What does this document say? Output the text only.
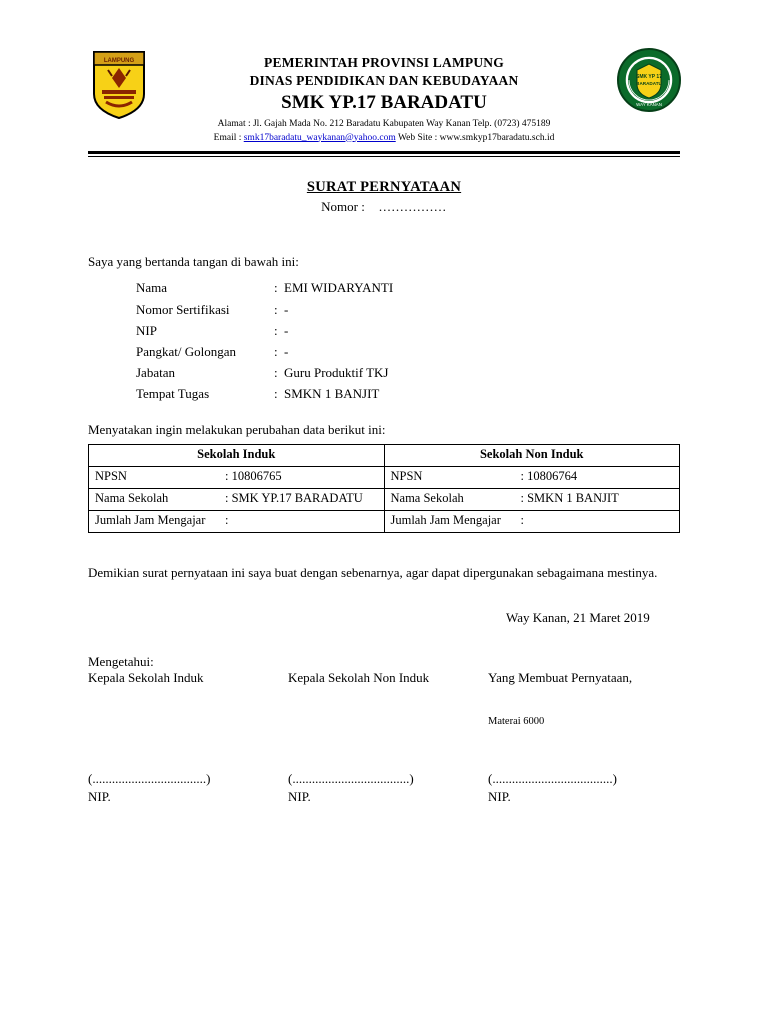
LAMPUNG	PEMERINTAH PROVINSI LAMPUNG
DINAS PENDIDIKAN DAN KEBUDAYAAN
SMK YP.17 BARADATU
Alamat : Jl. Gajah Mada No. 212 Baradatu Kabupaten Way Kanan Telp. (0723) 475189
Email : smk17baradatu_waykanan@yahoo.com Web Site : www.smkyp17baradatu.sch.id
SMK YP 17
BARADATU
WAY KANAN
SURAT PERNYATAAN
Nomor : ................
Saya yang bertanda tangan di bawah ini:
Nama	:	EMI WIDARYANTI
Nomor Sertifikasi	:	-
NIP	:	-
Pangkat/ Golongan	:	-
Jabatan	:	Guru Produktif TKJ
Tempat Tugas	:	SMKN 1 BANJIT
Menyatakan ingin melakukan perubahan data berikut ini:
Sekolah Induk	Sekolah Non Induk

NPSN : 10806765	NPSN : 10806764

Nama Sekolah : SMK YP.17 BARADATU	Nama Sekolah : SMKN 1 BANJIT

Jumlah Jam Mengajar :	Jumlah Jam Mengajar :
Demikian surat pernyataan ini saya buat dengan sebenarnya, agar dapat dipergunakan sebagaimana mestinya.
Way Kanan, 21 Maret 2019
Mengetahui:
Kepala Sekolah Induk	Kepala Sekolah Non Induk	Yang Membuat Pernyataan,
Materai 6000
(...................................)	(....................................)	(.....................................)
NIP.	NIP.	NIP.
